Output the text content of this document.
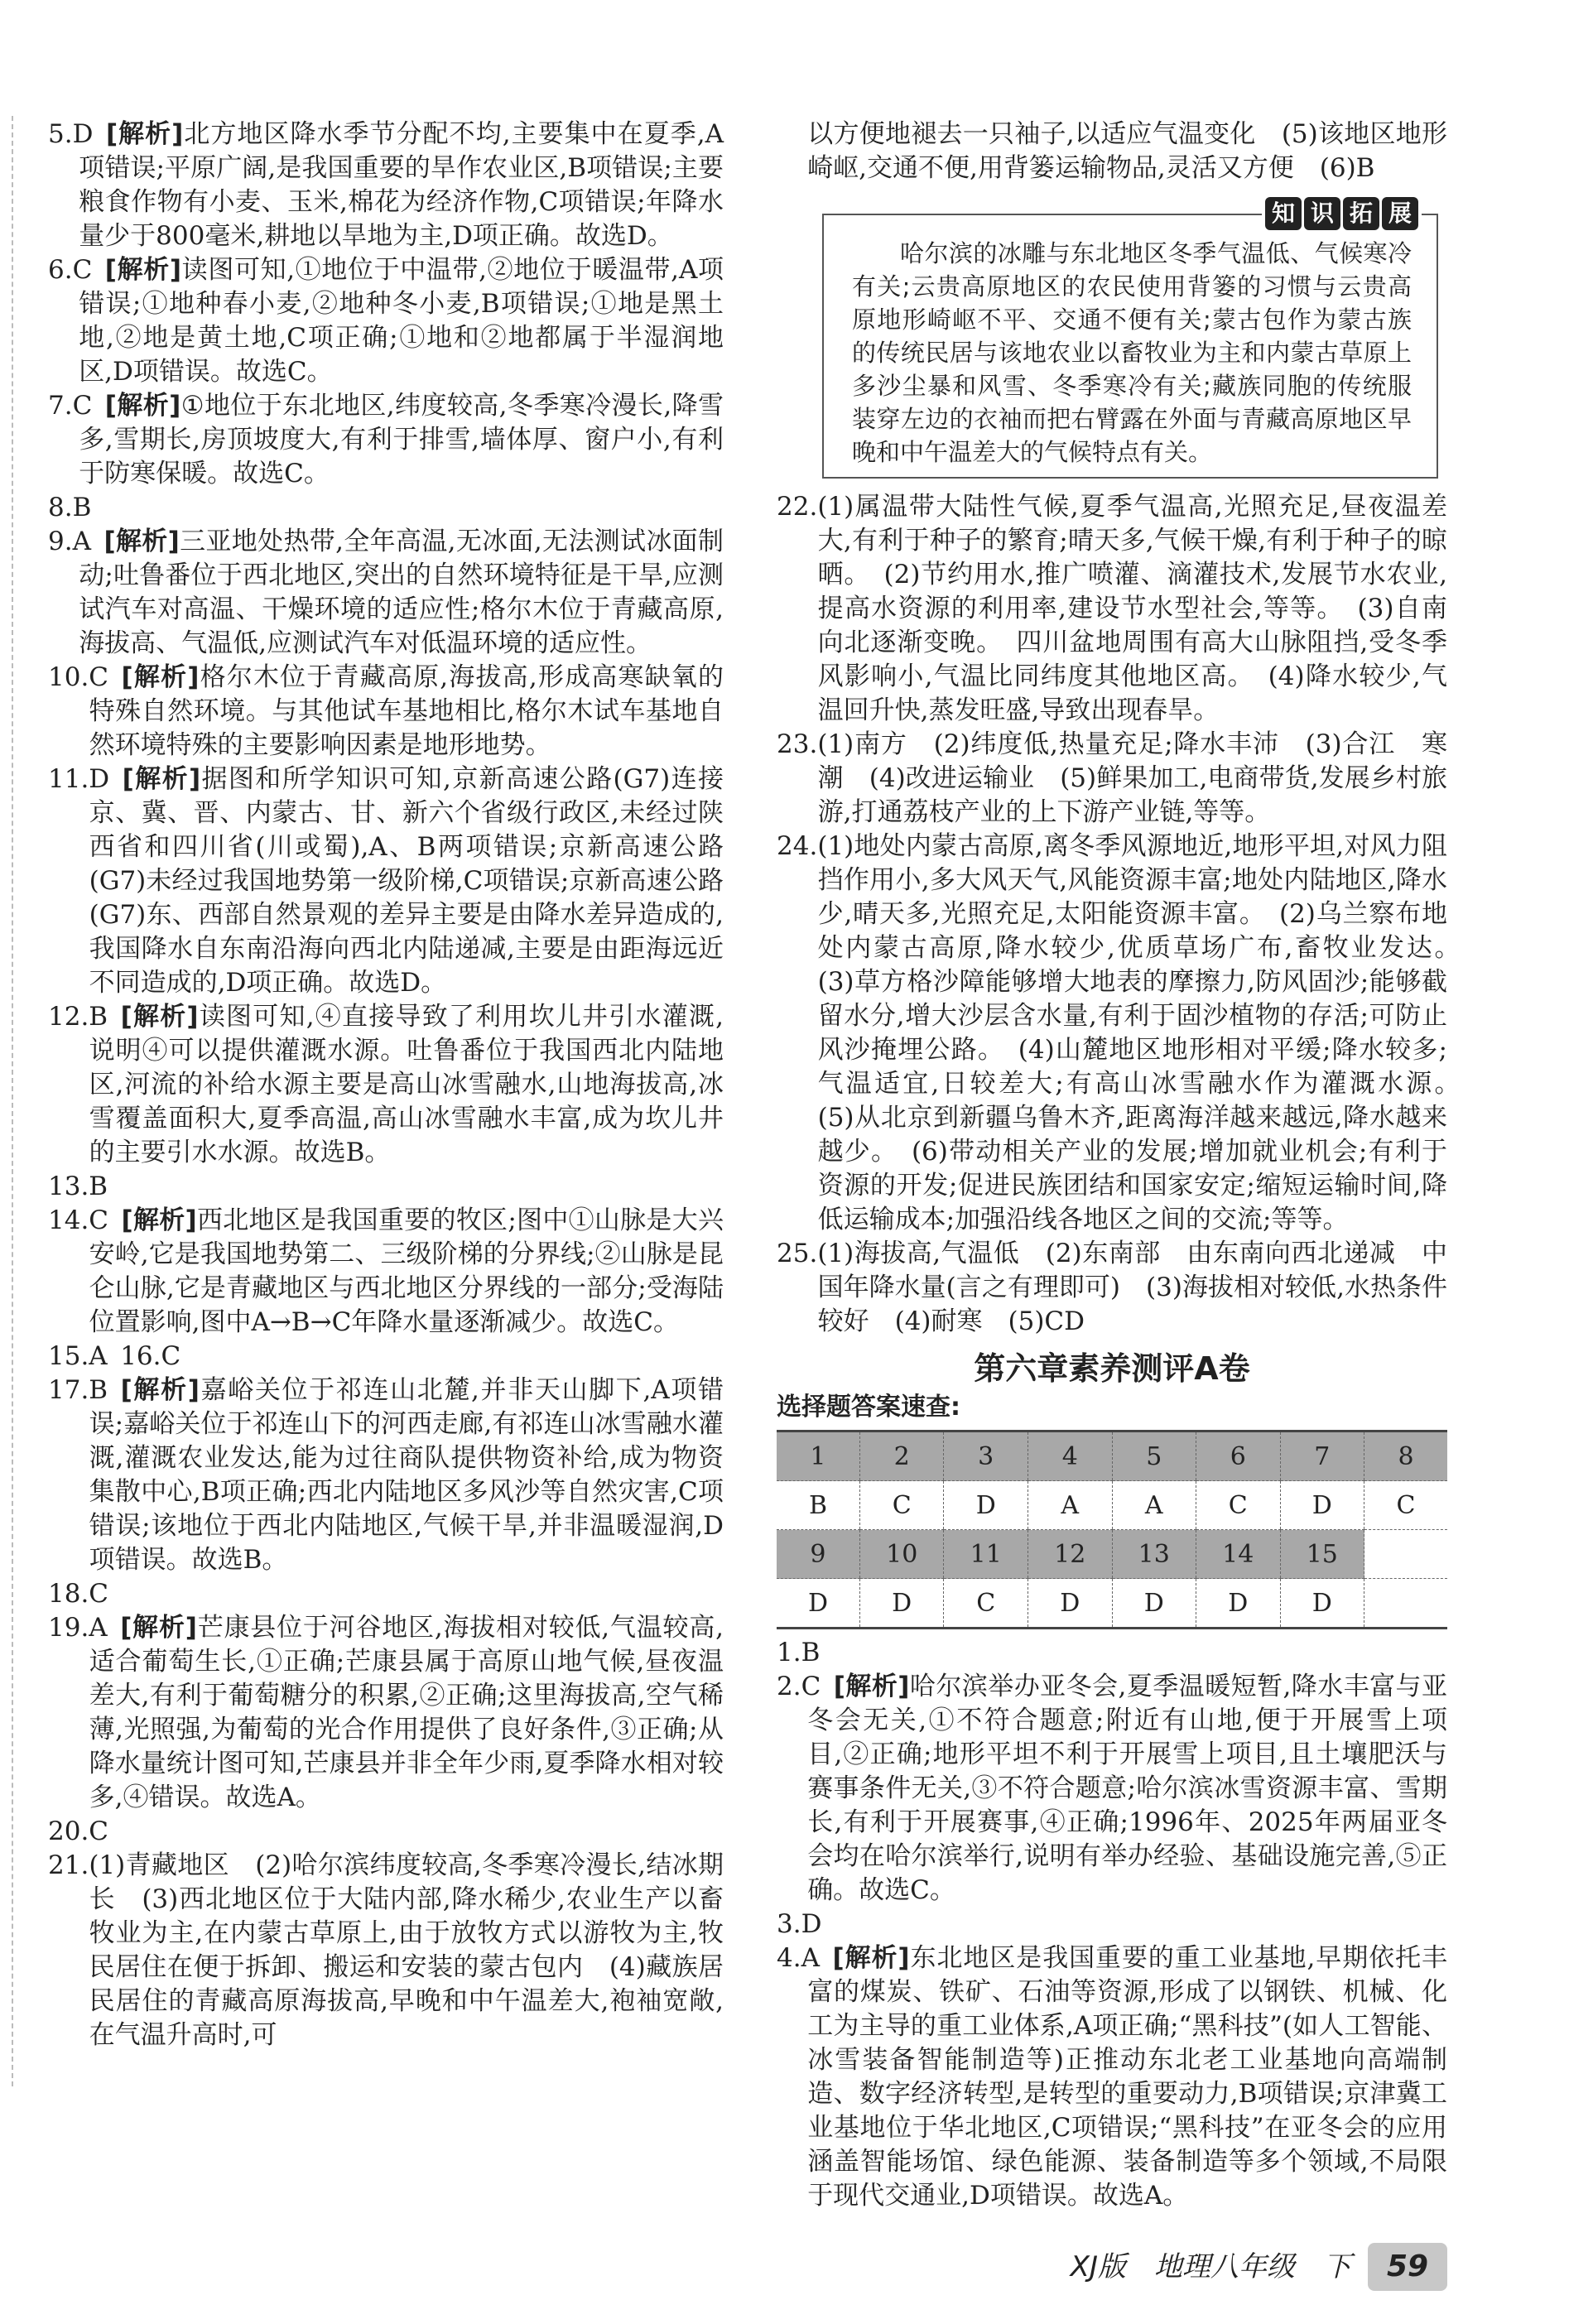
5.D [解析]北方地区降水季节分配不均,主要集中在夏季,A项错误;平原广阔,是我国重要的旱作农业区,B项错误;主要粮食作物有小麦、玉米,棉花为经济作物,C项错误;年降水量少于800毫米,耕地以旱地为主,D项正确。故选D。

6.C [解析]读图可知,①地位于中温带,②地位于暖温带,A项错误;①地种春小麦,②地种冬小麦,B项错误;①地是黑土地,②地是黄土地,C项正确;①地和②地都属于半湿润地区,D项错误。故选C。

7.C [解析]①地位于东北地区,纬度较高,冬季寒冷漫长,降雪多,雪期长,房顶坡度大,有利于排雪,墙体厚、窗户小,有利于防寒保暖。故选C。

8.B

9.A [解析]三亚地处热带,全年高温,无冰面,无法测试冰面制动;吐鲁番位于西北地区,突出的自然环境特征是干旱,应测试汽车对高温、干燥环境的适应性;格尔木位于青藏高原,海拔高、气温低,应测试汽车对低温环境的适应性。

10.C [解析]格尔木位于青藏高原,海拔高,形成高寒缺氧的特殊自然环境。与其他试车基地相比,格尔木试车基地自然环境特殊的主要影响因素是地形地势。

11.D [解析]据图和所学知识可知,京新高速公路(G7)连接京、冀、晋、内蒙古、甘、新六个省级行政区,未经过陕西省和四川省(川或蜀),A、B两项错误;京新高速公路(G7)未经过我国地势第一级阶梯,C项错误;京新高速公路(G7)东、西部自然景观的差异主要是由降水差异造成的,我国降水自东南沿海向西北内陆递减,主要是由距海远近不同造成的,D项正确。故选D。

12.B [解析]读图可知,④直接导致了利用坎儿井引水灌溉,说明④可以提供灌溉水源。吐鲁番位于我国西北内陆地区,河流的补给水源主要是高山冰雪融水,山地海拔高,冰雪覆盖面积大,夏季高温,高山冰雪融水丰富,成为坎儿井的主要引水水源。故选B。

13.B

14.C [解析]西北地区是我国重要的牧区;图中①山脉是大兴安岭,它是我国地势第二、三级阶梯的分界线;②山脉是昆仑山脉,它是青藏地区与西北地区分界线的一部分;受海陆位置影响,图中A→B→C年降水量逐渐减少。故选C。

15.A 16.C

17.B [解析]嘉峪关位于祁连山北麓,并非天山脚下,A项错误;嘉峪关位于祁连山下的河西走廊,有祁连山冰雪融水灌溉,灌溉农业发达,能为过往商队提供物资补给,成为物资集散中心,B项正确;西北内陆地区多风沙等自然灾害,C项错误;该地位于西北内陆地区,气候干旱,并非温暖湿润,D项错误。故选B。

18.C

19.A [解析]芒康县位于河谷地区,海拔相对较低,气温较高,适合葡萄生长,①正确;芒康县属于高原山地气候,昼夜温差大,有利于葡萄糖分的积累,②正确;这里海拔高,空气稀薄,光照强,为葡萄的光合作用提供了良好条件,③正确;从降水量统计图可知,芒康县并非全年少雨,夏季降水相对较多,④错误。故选A。

20.C

21.(1)青藏地区　(2)哈尔滨纬度较高,冬季寒冷漫长,结冰期长　(3)西北地区位于大陆内部,降水稀少,农业生产以畜牧业为主,在内蒙古草原上,由于放牧方式以游牧为主,牧民居住在便于拆卸、搬运和安装的蒙古包内　(4)藏族居民居住的青藏高原海拔高,早晚和中午温差大,袍袖宽敞,在气温升高时,可

以方便地褪去一只袖子,以适应气温变化　(5)该地区地形崎岖,交通不便,用背篓运输物品,灵活又方便　(6)B

哈尔滨的冰雕与东北地区冬季气温低、气候寒冷有关;云贵高原地区的农民使用背篓的习惯与云贵高原地形崎岖不平、交通不便有关;蒙古包作为蒙古族的传统民居与该地农业以畜牧业为主和内蒙古草原上多沙尘暴和风雪、冬季寒冷有关;藏族同胞的传统服装穿左边的衣袖而把右臂露在外面与青藏高原地区早晚和中午温差大的气候特点有关。

知 识 拓 展

22.(1)属温带大陆性气候,夏季气温高,光照充足,昼夜温差大,有利于种子的繁育;晴天多,气候干燥,有利于种子的晾晒。　(2)节约用水,推广喷灌、滴灌技术,发展节水农业,提高水资源的利用率,建设节水型社会,等等。　(3)自南向北逐渐变晚。　四川盆地周围有高大山脉阻挡,受冬季风影响小,气温比同纬度其他地区高。　(4)降水较少,气温回升快,蒸发旺盛,导致出现春旱。

23.(1)南方　(2)纬度低,热量充足;降水丰沛　(3)合江　寒潮　(4)改进运输业　(5)鲜果加工,电商带货,发展乡村旅游,打通荔枝产业的上下游产业链,等等。

24.(1)地处内蒙古高原,离冬季风源地近,地形平坦,对风力阻挡作用小,多大风天气,风能资源丰富;地处内陆地区,降水少,晴天多,光照充足,太阳能资源丰富。　(2)乌兰察布地处内蒙古高原,降水较少,优质草场广布,畜牧业发达。　(3)草方格沙障能够增大地表的摩擦力,防风固沙;能够截留水分,增大沙层含水量,有利于固沙植物的存活;可防止风沙掩埋公路。　(4)山麓地区地形相对平缓;降水较多;气温适宜,日较差大;有高山冰雪融水作为灌溉水源。　(5)从北京到新疆乌鲁木齐,距离海洋越来越远,降水越来越少。　(6)带动相关产业的发展;增加就业机会;有利于资源的开发;促进民族团结和国家安定;缩短运输时间,降低运输成本;加强沿线各地区之间的交流;等等。

25.(1)海拔高,气温低　(2)东南部　由东南向西北递减　中国年降水量(言之有理即可)　(3)海拔相对较低,水热条件较好　(4)耐寒　(5)CD

第六章素养测评A卷
选择题答案速查:
1	2	3	4	5	6	7	8
B	C	D	A	A	C	D	C
9	10	11	12	13	14	15	
D	D	C	D	D	D	D	

1.B

2.C [解析]哈尔滨举办亚冬会,夏季温暖短暂,降水丰富与亚冬会无关,①不符合题意;附近有山地,便于开展雪上项目,②正确;地形平坦不利于开展雪上项目,且土壤肥沃与赛事条件无关,③不符合题意;哈尔滨冰雪资源丰富、雪期长,有利于开展赛事,④正确;1996年、2025年两届亚冬会均在哈尔滨举行,说明有举办经验、基础设施完善,⑤正确。故选C。

3.D

4.A [解析]东北地区是我国重要的重工业基地,早期依托丰富的煤炭、铁矿、石油等资源,形成了以钢铁、机械、化工为主导的重工业体系,A项正确;“黑科技”(如人工智能、冰雪装备智能制造等)正推动东北老工业基地向高端制造、数字经济转型,是转型的重要动力,B项错误;京津冀工业基地位于华北地区,C项错误;“黑科技”在亚冬会的应用涵盖智能场馆、绿色能源、装备制造等多个领域,不局限于现代交通业,D项错误。故选A。

XJ版　地理八年级　下	59
